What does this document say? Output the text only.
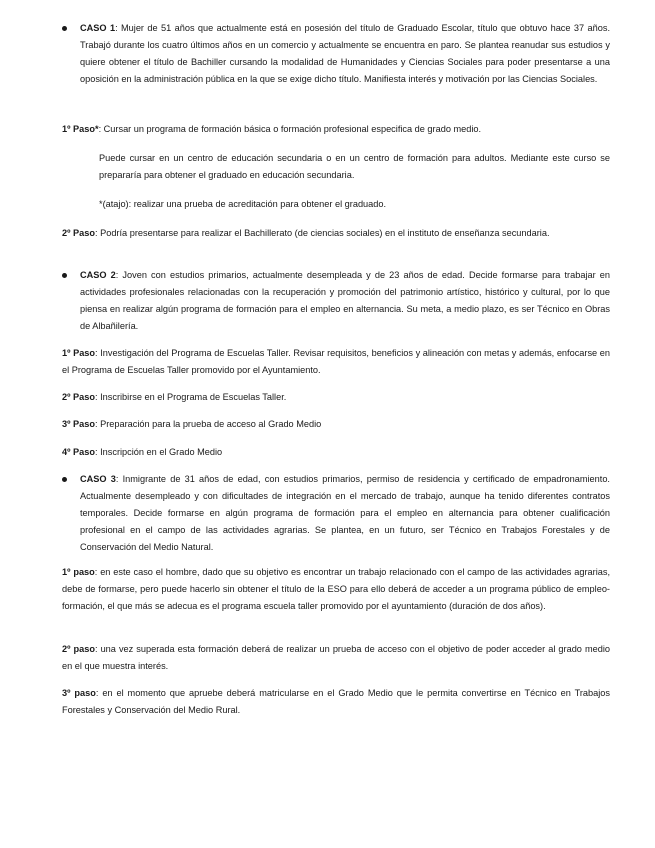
CASO 1: Mujer de 51 años que actualmente está en posesión del título de Graduado Escolar, título que obtuvo hace 37 años. Trabajó durante los cuatro últimos años en un comercio y actualmente se encuentra en paro. Se plantea reanudar sus estudios y quiere obtener el título de Bachiller cursando la modalidad de Humanidades y Ciencias Sociales para poder presentarse a una oposición en la administración pública en la que se exige dicho título. Manifiesta interés y motivación por las Ciencias Sociales.
1º Paso*: Cursar un programa de formación básica o formación profesional especifica de grado medio.
Puede cursar en un centro de educación secundaria o en un centro de formación para adultos. Mediante este curso se prepararía para obtener el graduado en educación secundaria.
*(atajo): realizar una prueba de acreditación para obtener el graduado.
2º Paso: Podría presentarse para realizar el Bachillerato (de ciencias sociales) en el instituto de enseñanza secundaria.
CASO 2: Joven con estudios primarios, actualmente desempleada y de 23 años de edad. Decide formarse para trabajar en actividades profesionales relacionadas con la recuperación y promoción del patrimonio artístico, histórico y cultural, por lo que piensa en realizar algún programa de formación para el empleo en alternancia. Su meta, a medio plazo, es ser Técnico en Obras de Albañilería.
1º Paso: Investigación del Programa de Escuelas Taller. Revisar requisitos, beneficios y alineación con metas y además, enfocarse en el Programa de Escuelas Taller promovido por el Ayuntamiento.
2º Paso: Inscribirse en el Programa de Escuelas Taller.
3º Paso: Preparación para la prueba de acceso al Grado Medio
4º Paso: Inscripción en el Grado Medio
CASO 3: Inmigrante de 31 años de edad, con estudios primarios, permiso de residencia y certificado de empadronamiento. Actualmente desempleado y con dificultades de integración en el mercado de trabajo, aunque ha tenido diferentes contratos temporales. Decide formarse en algún programa de formación para el empleo en alternancia para obtener cualificación profesional en el campo de las actividades agrarias. Se plantea, en un futuro, ser Técnico en Trabajos Forestales y de Conservación del Medio Natural.
1º paso: en este caso el hombre, dado que su objetivo es encontrar un trabajo relacionado con el campo de las actividades agrarias, debe de formarse, pero puede hacerlo sin obtener el título de la ESO para ello deberá de acceder a un programa público de empleo-formación, el que más se adecua es el programa escuela taller promovido por el ayuntamiento (duración de dos años).
2º paso: una vez superada esta formación deberá de realizar un prueba de acceso con el objetivo de poder acceder al grado medio en el que muestra interés.
3º paso: en el momento que apruebe deberá matricularse en el Grado Medio que le permita convertirse en Técnico en Trabajos Forestales y Conservación del Medio Rural.
